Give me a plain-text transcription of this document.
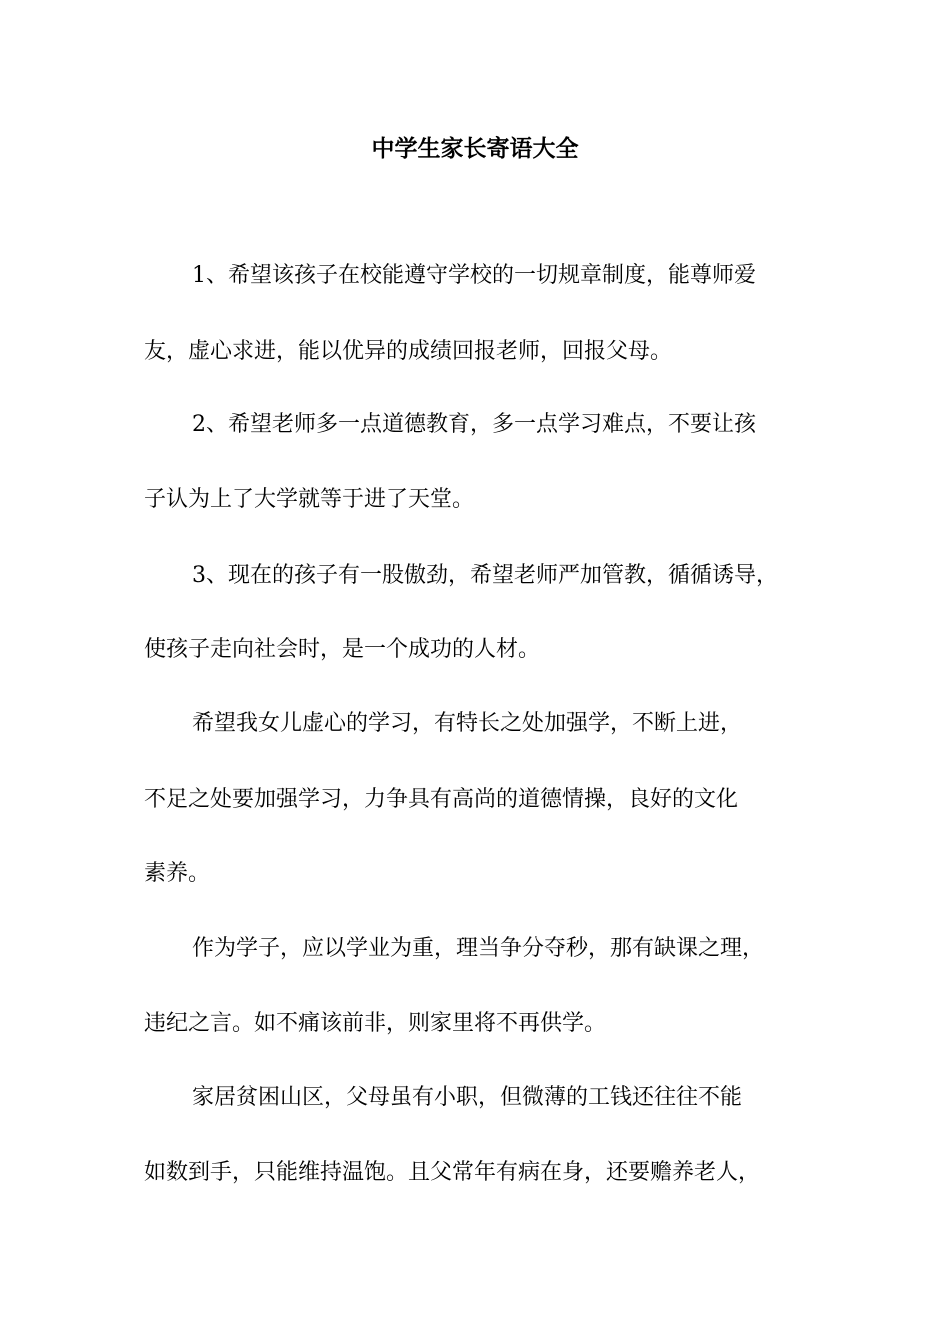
中学生家长寄语大全

1、希望该孩子在校能遵守学校的一切规章制度，能尊师爱

友，虚心求进，能以优异的成绩回报老师，回报父母。

2、希望老师多一点道德教育，多一点学习难点，不要让孩

子认为上了大学就等于进了天堂。

3、现在的孩子有一股傲劲，希望老师严加管教，循循诱导，

使孩子走向社会时，是一个成功的人材。

希望我女儿虚心的学习，有特长之处加强学，不断上进，

不足之处要加强学习，力争具有高尚的道德情操，良好的文化

素养。

作为学子，应以学业为重，理当争分夺秒，那有缺课之理，

违纪之言。如不痛该前非，则家里将不再供学。

家居贫困山区，父母虽有小职，但微薄的工钱还往往不能

如数到手，只能维持温饱。且父常年有病在身，还要赡养老人，
